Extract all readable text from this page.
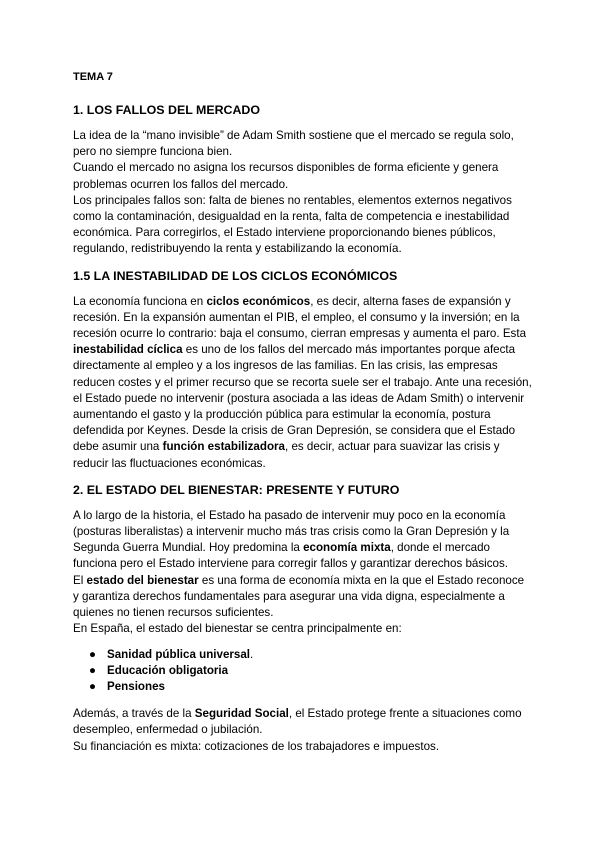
TEMA 7
1. LOS FALLOS DEL MERCADO

La idea de la “mano invisible” de Adam Smith sostiene que el mercado se regula solo, pero no siempre funciona bien.

Cuando el mercado no asigna los recursos disponibles de forma eficiente y genera problemas ocurren los fallos del mercado.

Los principales fallos son: falta de bienes no rentables, elementos externos negativos como la contaminación, desigualdad en la renta, falta de competencia e inestabilidad económica. Para corregirlos, el Estado interviene proporcionando bienes públicos, regulando, redistribuyendo la renta y estabilizando la economía.

1.5 LA INESTABILIDAD DE LOS CICLOS ECONÓMICOS

La economía funciona en ciclos económicos, es decir, alterna fases de expansión y recesión. En la expansión aumentan el PIB, el empleo, el consumo y la inversión; en la recesión ocurre lo contrario: baja el consumo, cierran empresas y aumenta el paro. Esta inestabilidad cíclica es uno de los fallos del mercado más importantes porque afecta directamente al empleo y a los ingresos de las familias. En las crisis, las empresas reducen costes y el primer recurso que se recorta suele ser el trabajo. Ante una recesión, el Estado puede no intervenir (postura asociada a las ideas de Adam Smith) o intervenir aumentando el gasto y la producción pública para estimular la economía, postura defendida por Keynes. Desde la crisis de Gran Depresión, se considera que el Estado debe asumir una función estabilizadora, es decir, actuar para suavizar las crisis y reducir las fluctuaciones económicas.

2. EL ESTADO DEL BIENESTAR: PRESENTE Y FUTURO

A lo largo de la historia, el Estado ha pasado de intervenir muy poco en la economía (posturas liberalistas) a intervenir mucho más tras crisis como la Gran Depresión y la Segunda Guerra Mundial. Hoy predomina la economía mixta, donde el mercado funciona pero el Estado interviene para corregir fallos y garantizar derechos básicos.

El estado del bienestar es una forma de economía mixta en la que el Estado reconoce y garantiza derechos fundamentales para asegurar una vida digna, especialmente a quienes no tienen recursos suficientes.

En España, el estado del bienestar se centra principalmente en:

● Sanidad pública universal.
● Educación obligatoria
● Pensiones

Además, a través de la Seguridad Social, el Estado protege frente a situaciones como desempleo, enfermedad o jubilación.

Su financiación es mixta: cotizaciones de los trabajadores e impuestos.
